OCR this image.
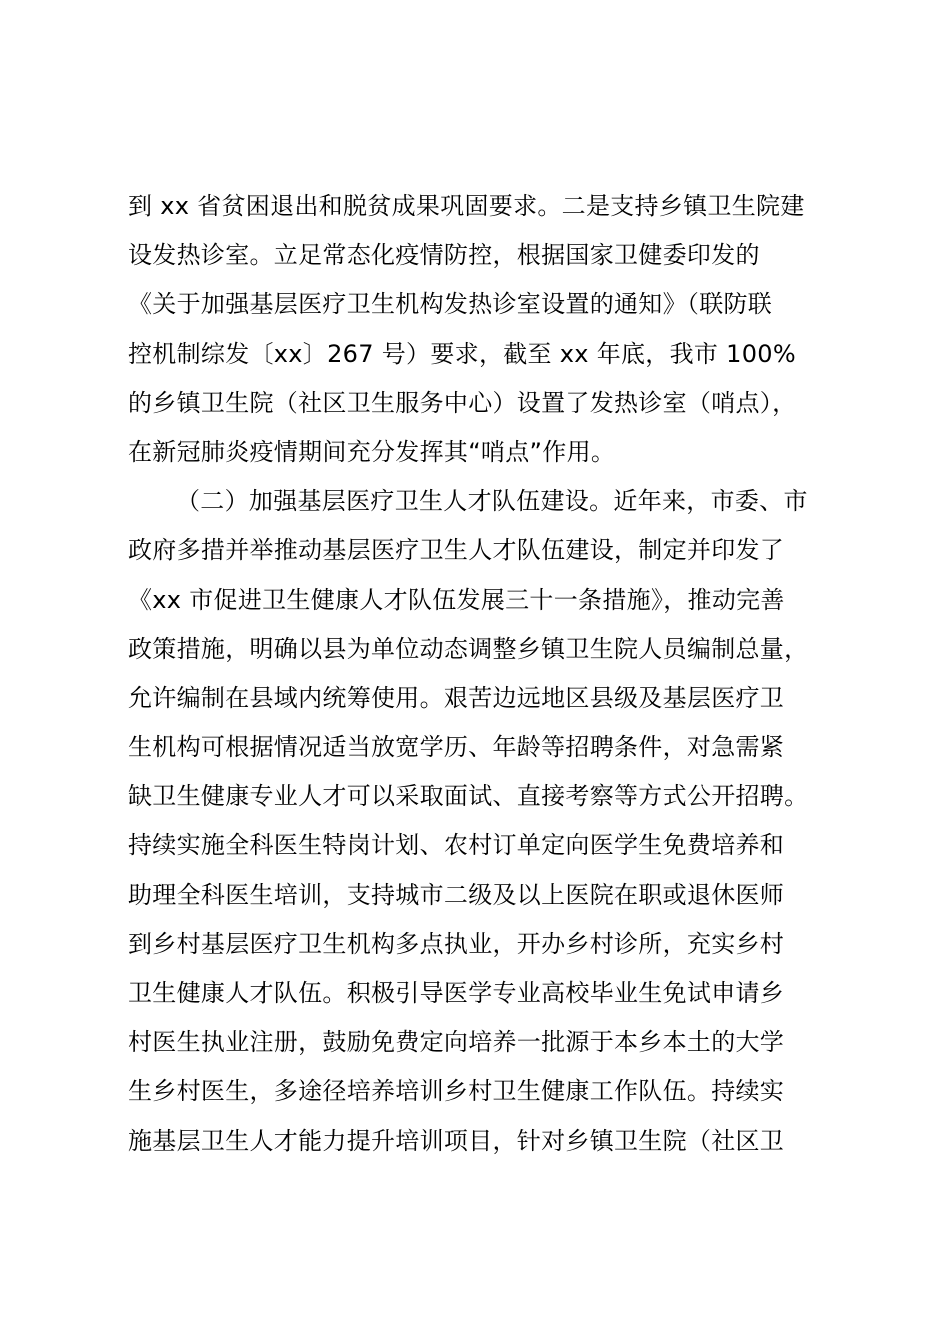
到 xx 省贫困退出和脱贫成果巩固要求。二是支持乡镇卫生院建
设发热诊室。立足常态化疫情防控，根据国家卫健委印发的
《关于加强基层医疗卫生机构发热诊室设置的通知》（联防联
控机制综发〔xx〕267 号）要求，截至 xx 年底，我市 100%
的乡镇卫生院（社区卫生服务中心）设置了发热诊室（哨点），
在新冠肺炎疫情期间充分发挥其“哨点”作用。
（二）加强基层医疗卫生人才队伍建设。近年来，市委、市
政府多措并举推动基层医疗卫生人才队伍建设，制定并印发了
《xx 市促进卫生健康人才队伍发展三十一条措施》，推动完善
政策措施，明确以县为单位动态调整乡镇卫生院人员编制总量，
允许编制在县域内统筹使用。艰苦边远地区县级及基层医疗卫
生机构可根据情况适当放宽学历、年龄等招聘条件，对急需紧
缺卫生健康专业人才可以采取面试、直接考察等方式公开招聘。
持续实施全科医生特岗计划、农村订单定向医学生免费培养和
助理全科医生培训，支持城市二级及以上医院在职或退休医师
到乡村基层医疗卫生机构多点执业，开办乡村诊所，充实乡村
卫生健康人才队伍。积极引导医学专业高校毕业生免试申请乡
村医生执业注册，鼓励免费定向培养一批源于本乡本土的大学
生乡村医生，多途径培养培训乡村卫生健康工作队伍。持续实
施基层卫生人才能力提升培训项目，针对乡镇卫生院（社区卫
